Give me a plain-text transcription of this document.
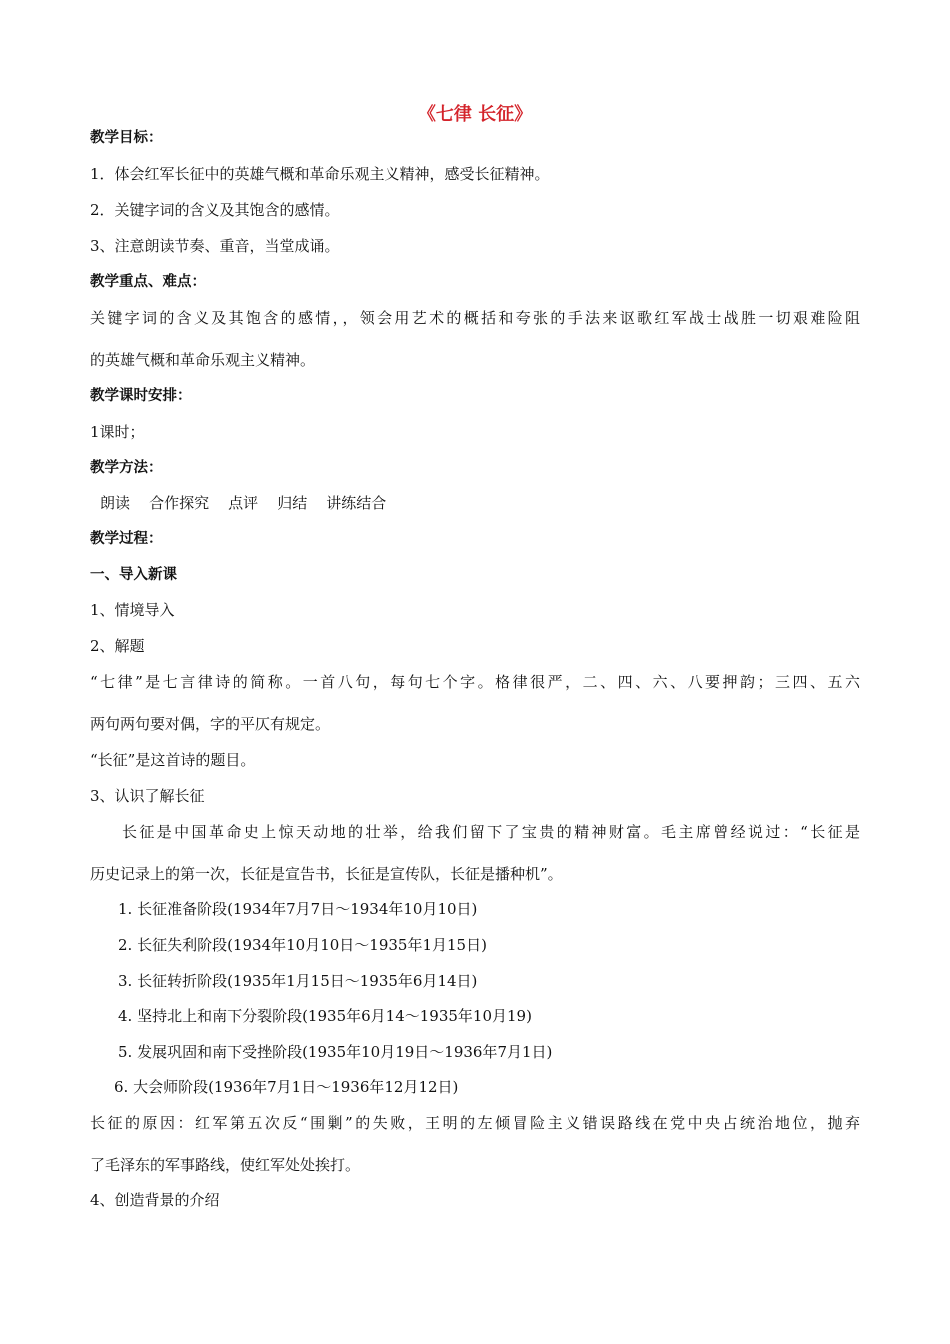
《七律 长征》
教学目标：
1．体会红军长征中的英雄气概和革命乐观主义精神，感受长征精神。
2．关键字词的含义及其饱含的感情。
3、注意朗读节奏、重音，当堂成诵。
教学重点、难点：
关键字词的含义及其饱含的感情，，领会用艺术的概括和夸张的手法来讴歌红军战士战胜一切艰难险阻
的英雄气概和革命乐观主义精神。
教学课时安排：
1课时；
教学方法：
朗读    合作探究    点评    归结    讲练结合
教学过程：
一、导入新课
1、情境导入
2、解题
“七律”是七言律诗的简称。一首八句，每句七个字。格律很严，二、四、六、八要押韵；三四、五六
两句两句要对偶，字的平仄有规定。
“长征”是这首诗的题目。
3、认识了解长征
长征是中国革命史上惊天动地的壮举，给我们留下了宝贵的精神财富。毛主席曾经说过：“长征是
历史记录上的第一次，长征是宣告书，长征是宣传队，长征是播种机”。
1. 长征准备阶段(1934年7月7日～1934年10月10日)
2. 长征失利阶段(1934年10月10日～1935年1月15日)
3. 长征转折阶段(1935年1月15日～1935年6月14日)
4. 坚持北上和南下分裂阶段(1935年6月14～1935年10月19)
5. 发展巩固和南下受挫阶段(1935年10月19日～1936年7月1日)
6. 大会师阶段(1936年7月1日～1936年12月12日)
长征的原因：红军第五次反“围剿”的失败，王明的左倾冒险主义错误路线在党中央占统治地位，抛弃
了毛泽东的军事路线，使红军处处挨打。
4、创造背景的介绍
